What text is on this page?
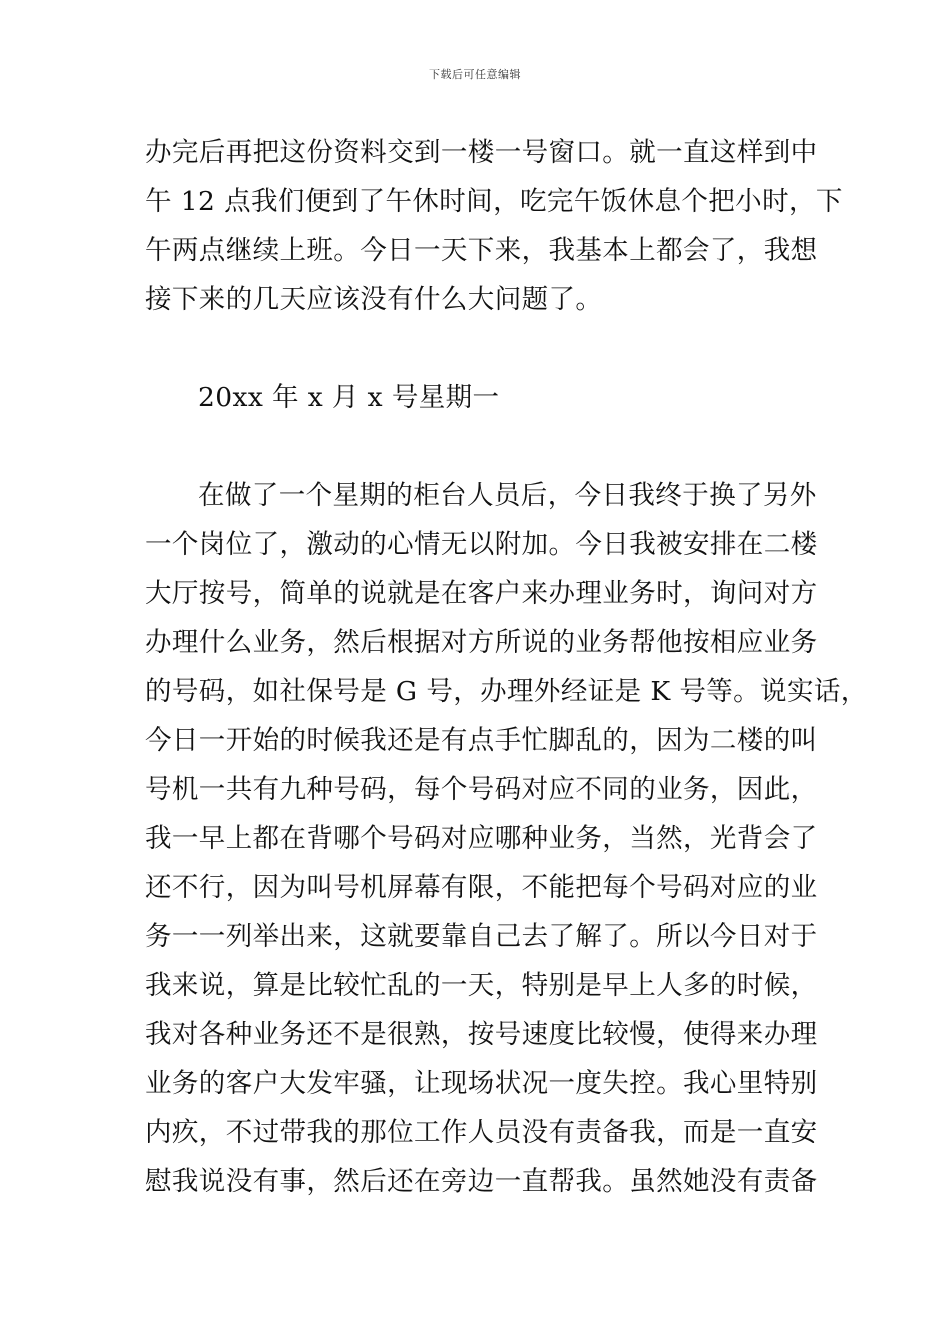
下载后可任意编辑
办完后再把这份资料交到一楼一号窗口。就一直这样到中
午 12 点我们便到了午休时间，吃完午饭休息个把小时，下
午两点继续上班。今日一天下来，我基本上都会了，我想
接下来的几天应该没有什么大问题了。
20xx 年 x 月 x 号星期一
在做了一个星期的柜台人员后，今日我终于换了另外
一个岗位了，激动的心情无以附加。今日我被安排在二楼
大厅按号，简单的说就是在客户来办理业务时，询问对方
办理什么业务，然后根据对方所说的业务帮他按相应业务
的号码，如社保号是 G 号，办理外经证是 K 号等。说实话，
今日一开始的时候我还是有点手忙脚乱的，因为二楼的叫
号机一共有九种号码，每个号码对应不同的业务，因此，
我一早上都在背哪个号码对应哪种业务，当然，光背会了
还不行，因为叫号机屏幕有限，不能把每个号码对应的业
务一一列举出来，这就要靠自己去了解了。所以今日对于
我来说，算是比较忙乱的一天，特别是早上人多的时候，
我对各种业务还不是很熟，按号速度比较慢，使得来办理
业务的客户大发牢骚，让现场状况一度失控。我心里特别
内疚，不过带我的那位工作人员没有责备我，而是一直安
慰我说没有事，然后还在旁边一直帮我。虽然她没有责备
